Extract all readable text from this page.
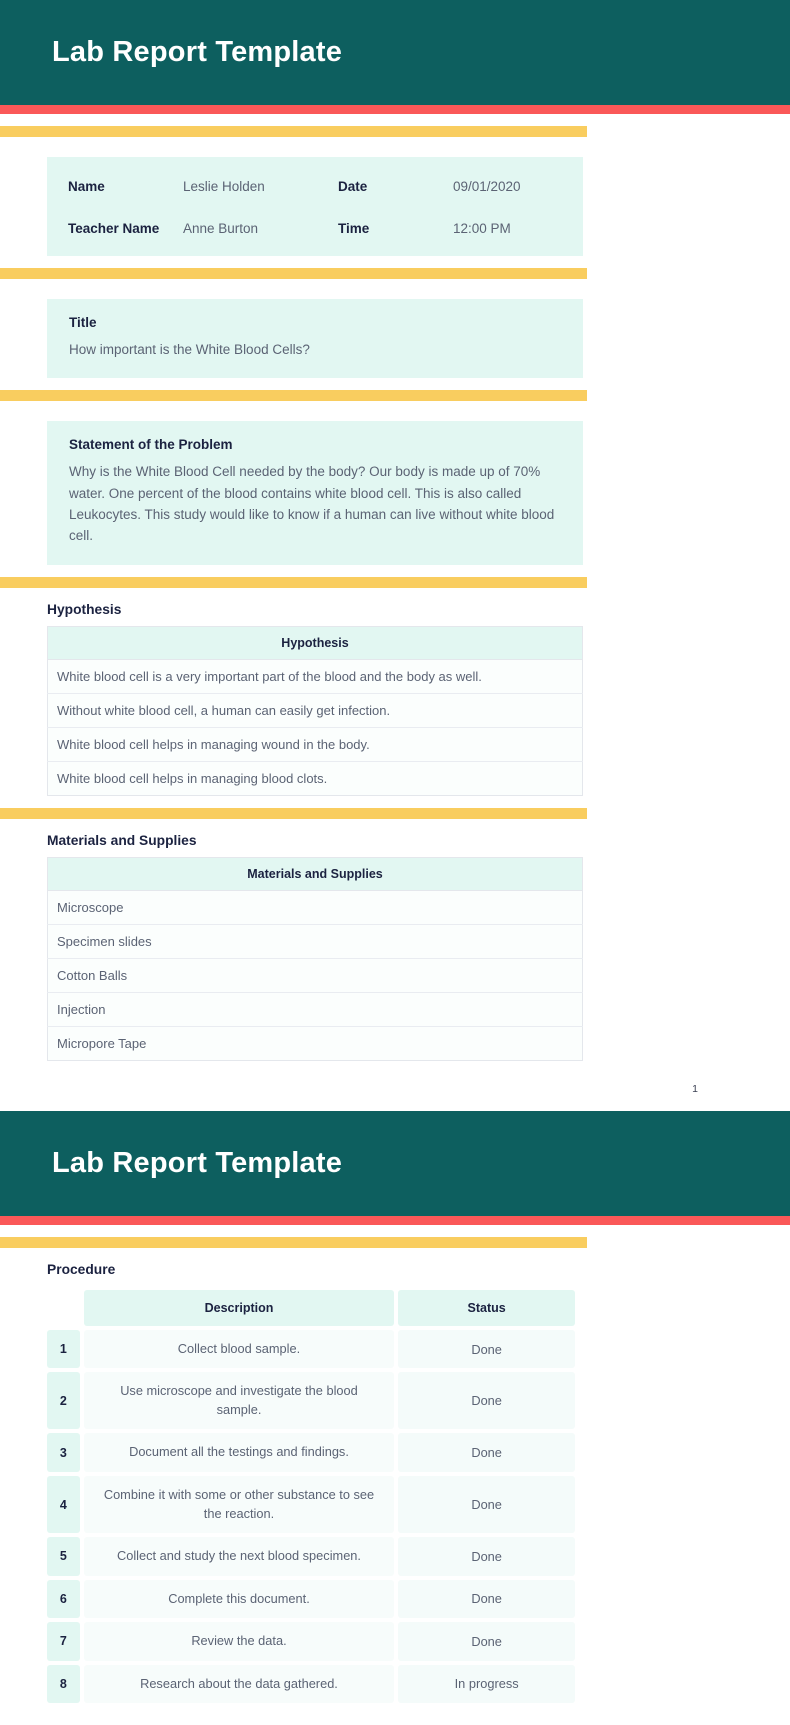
Lab Report Template
Name	Leslie Holden	Date	09/01/2020
Teacher Name	Anne Burton	Time	12:00 PM
Title
How important is the White Blood Cells?
Statement of the Problem
Why is the White Blood Cell needed by the body? Our body is made up of 70% water. One percent of the blood contains white blood cell. This is also called Leukocytes. This study would like to know if a human can live without white blood cell.
Hypothesis
Hypothesis
White blood cell is a very important part of the blood and the body as well.
Without white blood cell, a human can easily get infection.
White blood cell helps in managing wound in the body.
White blood cell helps in managing blood clots.
Materials and Supplies
Materials and Supplies
Microscope
Specimen slides
Cotton Balls
Injection
Micropore Tape
1
Lab Report Template
Procedure
	Description	Status
1	Collect blood sample.	Done
2	Use microscope and investigate the blood sample.	Done
3	Document all the testings and findings.	Done
4	Combine it with some or other substance to see the reaction.	Done
5	Collect and study the next blood specimen.	Done
6	Complete this document.	Done
7	Review the data.	Done
8	Research about the data gathered.	In progress
